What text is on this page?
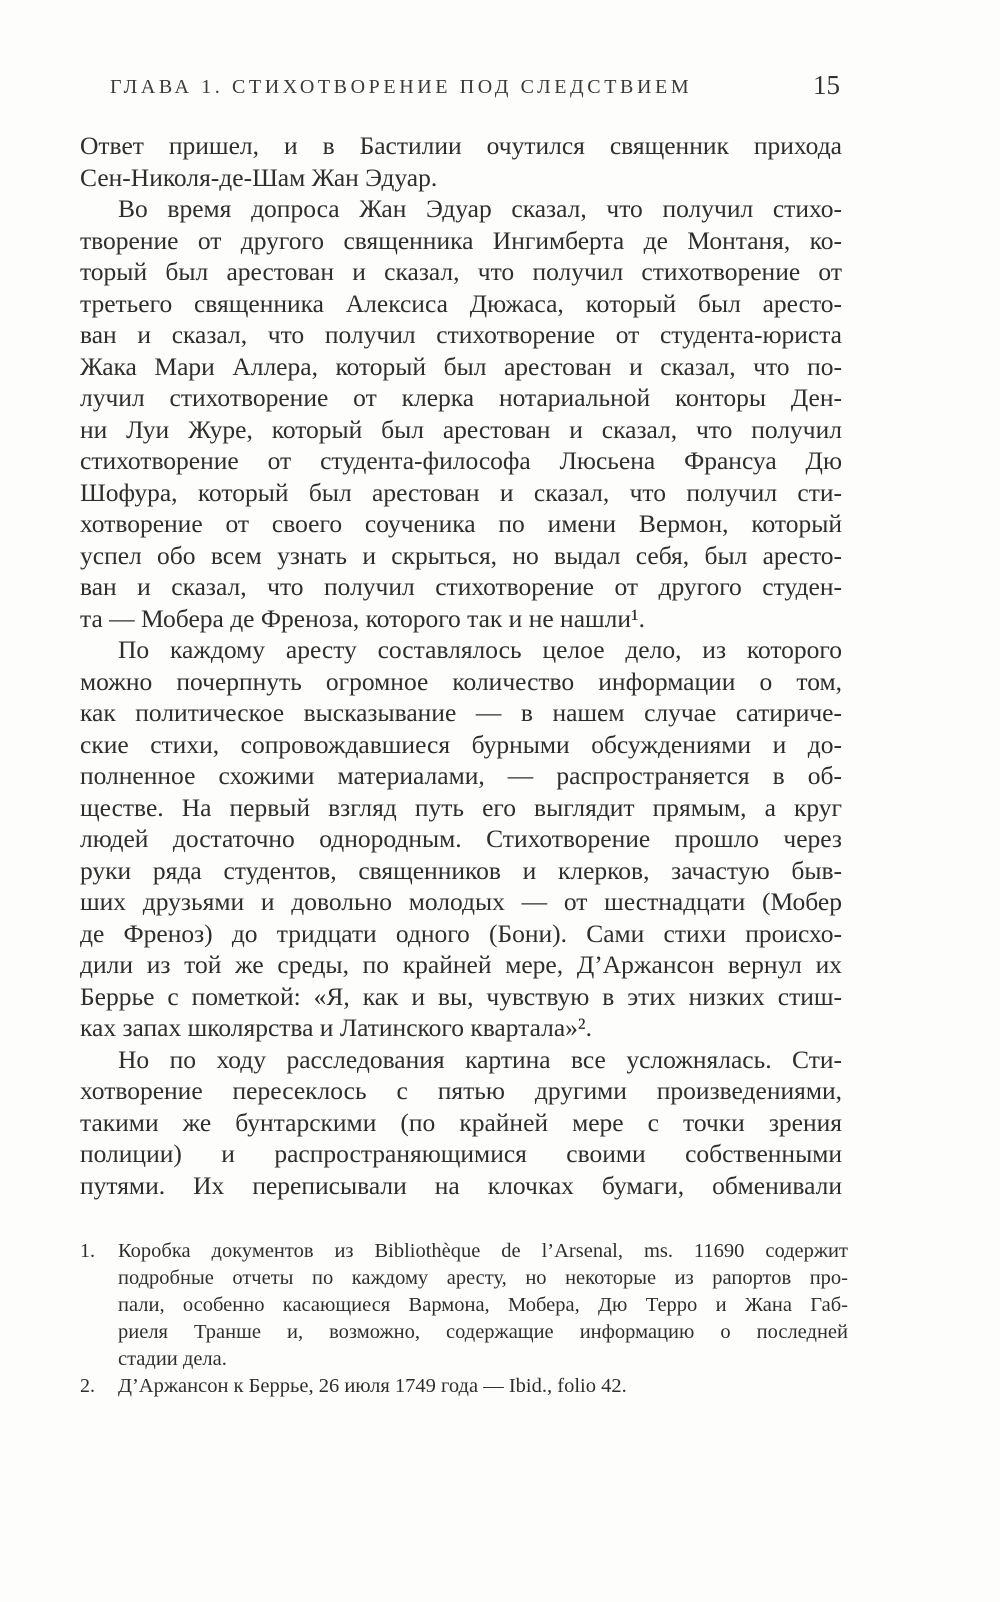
ГЛАВА 1. СТИХОТВОРЕНИЕ ПОД СЛЕДСТВИЕМ	15
Ответ пришел, и в Бастилии очутился священник прихода
Сен-Николя-де-Шам Жан Эдуар.
Во время допроса Жан Эдуар сказал, что получил стихо-
творение от другого священника Ингимберта де Монтаня, ко-
торый был арестован и сказал, что получил стихотворение от
третьего священника Алексиса Дюжаса, который был аресто-
ван и сказал, что получил стихотворение от студента-юриста
Жака Мари Аллера, который был арестован и сказал, что по-
лучил стихотворение от клерка нотариальной конторы Ден-
ни Луи Журе, который был арестован и сказал, что получил
стихотворение от студента-философа Люсьена Франсуа Дю
Шофура, который был арестован и сказал, что получил сти-
хотворение от своего соученика по имени Вермон, который
успел обо всем узнать и скрыться, но выдал себя, был аресто-
ван и сказал, что получил стихотворение от другого студен-
та — Мобера де Френоза, которого так и не нашли¹.
По каждому аресту составлялось целое дело, из которого
можно почерпнуть огромное количество информации о том,
как политическое высказывание — в нашем случае сатириче-
ские стихи, сопровождавшиеся бурными обсуждениями и до-
полненное схожими материалами, — распространяется в об-
ществе. На первый взгляд путь его выглядит прямым, а круг
людей достаточно однородным. Стихотворение прошло через
руки ряда студентов, священников и клерков, зачастую быв-
ших друзьями и довольно молодых — от шестнадцати (Мобер
де Френоз) до тридцати одного (Бони). Сами стихи происхо-
дили из той же среды, по крайней мере, Д’Аржансон вернул их
Беррье с пометкой: «Я, как и вы, чувствую в этих низких стиш-
ках запах школярства и Латинского квартала»².
Но по ходу расследования картина все усложнялась. Сти-
хотворение пересеклось с пятью другими произведениями,
такими же бунтарскими (по крайней мере с точки зрения
полиции) и распространяющимися своими собственными
путями. Их переписывали на клочках бумаги, обменивали
1. Коробка документов из Bibliothèque de l’Arsenal, ms. 11690 содержит
подробные отчеты по каждому аресту, но некоторые из рапортов про-
пали, особенно касающиеся Вармона, Мобера, Дю Терро и Жана Габ-
риеля Транше и, возможно, содержащие информацию о последней
стадии дела.
2. Д’Аржансон к Беррье, 26 июля 1749 года — Ibid., folio 42.
